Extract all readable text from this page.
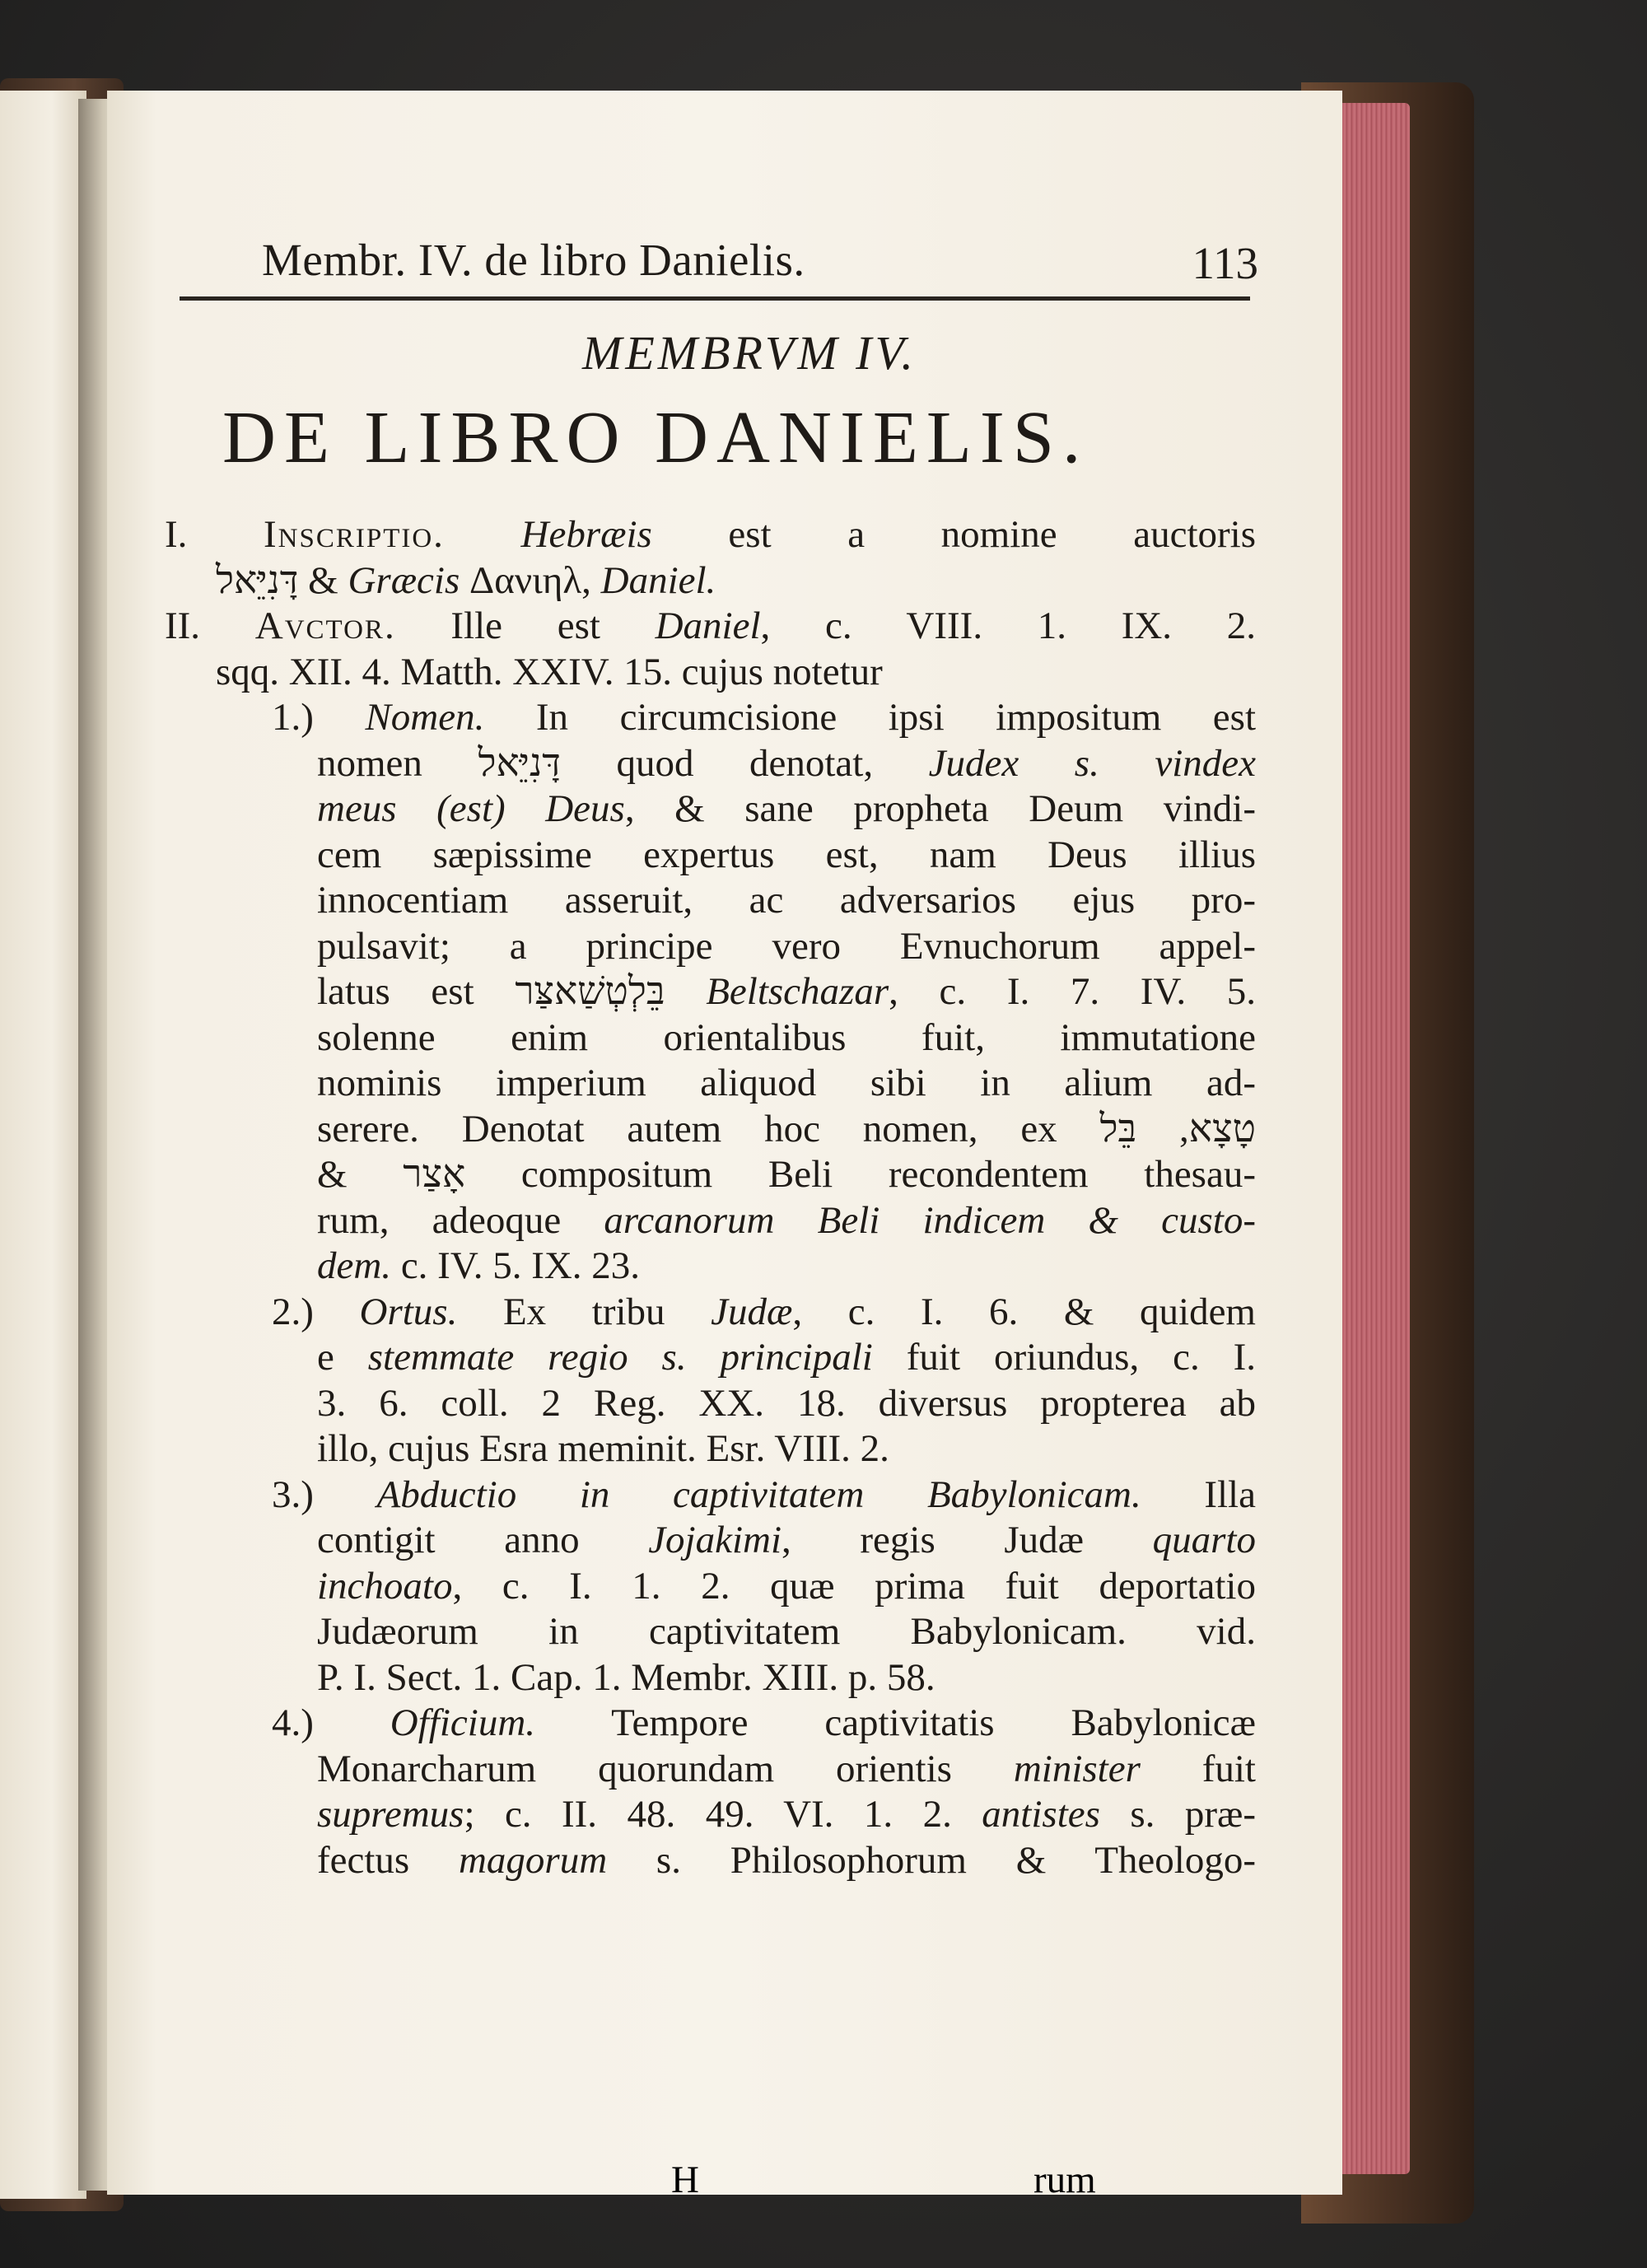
Membr. IV. de libro Danielis.	113
MEMBRVM IV.
DE LIBRO DANIELIS.
I. Inscriptio. Hebræis est a nomine auctoris
דָּנִיֵּאל & Græcis Δανιηλ, Daniel.
II. Avctor. Ille est Daniel, c. VIII. 1. IX. 2.
sqq. XII. 4. Matth. XXIV. 15. cujus notetur
1.) Nomen. In circumcisione ipsi impositum est
nomen דָּנִיֵּאל quod denotat, Judex s. vindex
meus (est) Deus, & sane propheta Deum vindi-
cem sæpissime expertus est, nam Deus illius
innocentiam asseruit, ac adversarios ejus pro-
pulsavit; a principe vero Evnuchorum appel-
latus est בֵּלְטְשַׁאצַּר Beltschazar, c. I. 7. IV. 5.
solenne enim orientalibus fuit, immutatione
nominis imperium aliquod sibi in alium ad-
serere. Denotat autem hoc nomen, ex טָצָא, בֵּל
& אָצַר compositum Beli recondentem thesau-
rum, adeoque arcanorum Beli indicem & custo-
dem. c. IV. 5. IX. 23.
2.) Ortus. Ex tribu Judæ, c. I. 6. & quidem
e stemmate regio s. principali fuit oriundus, c. I.
3. 6. coll. 2 Reg. XX. 18. diversus propterea ab
illo, cujus Esra meminit. Esr. VIII. 2.
3.) Abductio in captivitatem Babylonicam. Illa
contigit anno Jojakimi, regis Judæ quarto
inchoato, c. I. 1. 2. quæ prima fuit deportatio
Judæorum in captivitatem Babylonicam. vid.
P. I. Sect. 1. Cap. 1. Membr. XIII. p. 58.
4.) Officium. Tempore captivitatis Babylonicæ
Monarcharum quorundam orientis minister fuit
supremus; c. II. 48. 49. VI. 1. 2. antistes s. præ-
fectus magorum s. Philosophorum & Theologo-
H	rum
